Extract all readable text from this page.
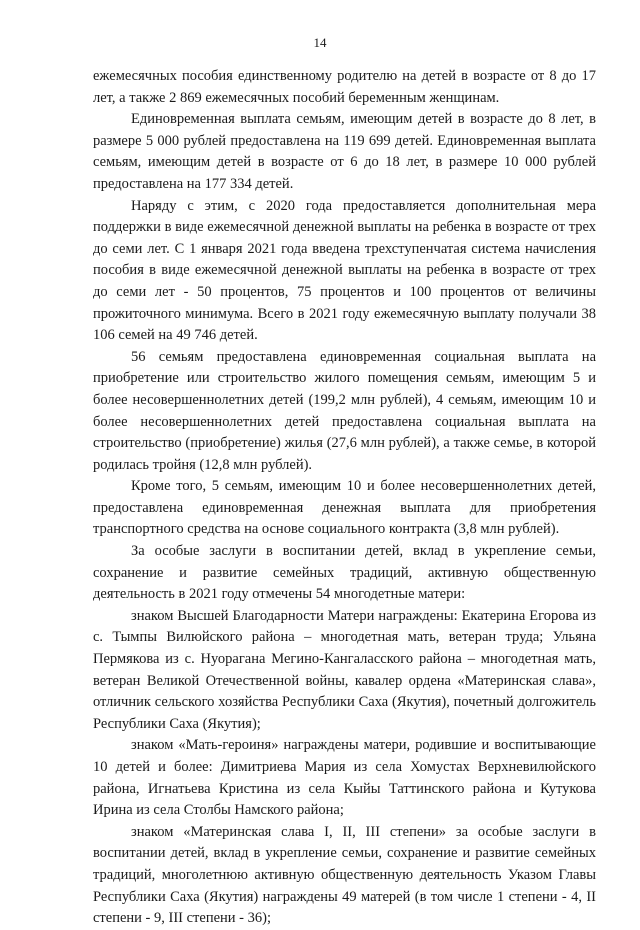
14

ежемесячных пособия единственному родителю на детей в возрасте от 8 до 17 лет, а также 2 869 ежемесячных пособий беременным женщинам.

Единовременная выплата семьям, имеющим детей в возрасте до 8 лет, в размере 5 000 рублей предоставлена на 119 699 детей. Единовременная выплата семьям, имеющим детей в возрасте от 6 до 18 лет, в размере 10 000 рублей предоставлена на 177 334 детей.

Наряду с этим, с 2020 года предоставляется дополнительная мера поддержки в виде ежемесячной денежной выплаты на ребенка в возрасте от трех до семи лет. С 1 января 2021 года введена трехступенчатая система начисления пособия в виде ежемесячной денежной выплаты на ребенка в возрасте от трех до семи лет - 50 процентов, 75 процентов и 100 процентов от величины прожиточного минимума. Всего в 2021 году ежемесячную выплату получали 38 106 семей на 49 746 детей.

56 семьям предоставлена единовременная социальная выплата на приобретение или строительство жилого помещения семьям, имеющим 5 и более несовершеннолетних детей (199,2 млн рублей), 4 семьям, имеющим 10 и более несовершеннолетних детей предоставлена социальная выплата на строительство (приобретение) жилья (27,6 млн рублей), а также семье, в которой родилась тройня (12,8 млн рублей).

Кроме того, 5 семьям, имеющим 10 и более несовершеннолетних детей, предоставлена единовременная денежная выплата для приобретения транспортного средства на основе социального контракта (3,8 млн рублей).

За особые заслуги в воспитании детей, вклад в укрепление семьи, сохранение и развитие семейных традиций, активную общественную деятельность в 2021 году отмечены 54 многодетные матери:

знаком Высшей Благодарности Матери награждены: Екатерина Егорова из с. Тымпы Вилюйского района – многодетная мать, ветеран труда; Ульяна Пермякова из с. Нуорагана Мегино-Кангаласского района – многодетная мать, ветеран Великой Отечественной войны, кавалер ордена «Материнская слава», отличник сельского хозяйства Республики Саха (Якутия), почетный долгожитель Республики Саха (Якутия);

знаком «Мать-героиня» награждены матери, родившие и воспитывающие 10 детей и более: Димитриева Мария из села Хомустах Верхневилюйского района, Игнатьева Кристина из села Кыйы Таттинского района и Кутукова Ирина из села Столбы Намского района;

знаком «Материнская слава I, II, III степени» за особые заслуги в воспитании детей, вклад в укрепление семьи, сохранение и развитие семейных традиций, многолетнюю активную общественную деятельность Указом Главы Республики Саха (Якутия) награждены 49 матерей (в том числе 1 степени - 4, II степени - 9, III степени - 36);
